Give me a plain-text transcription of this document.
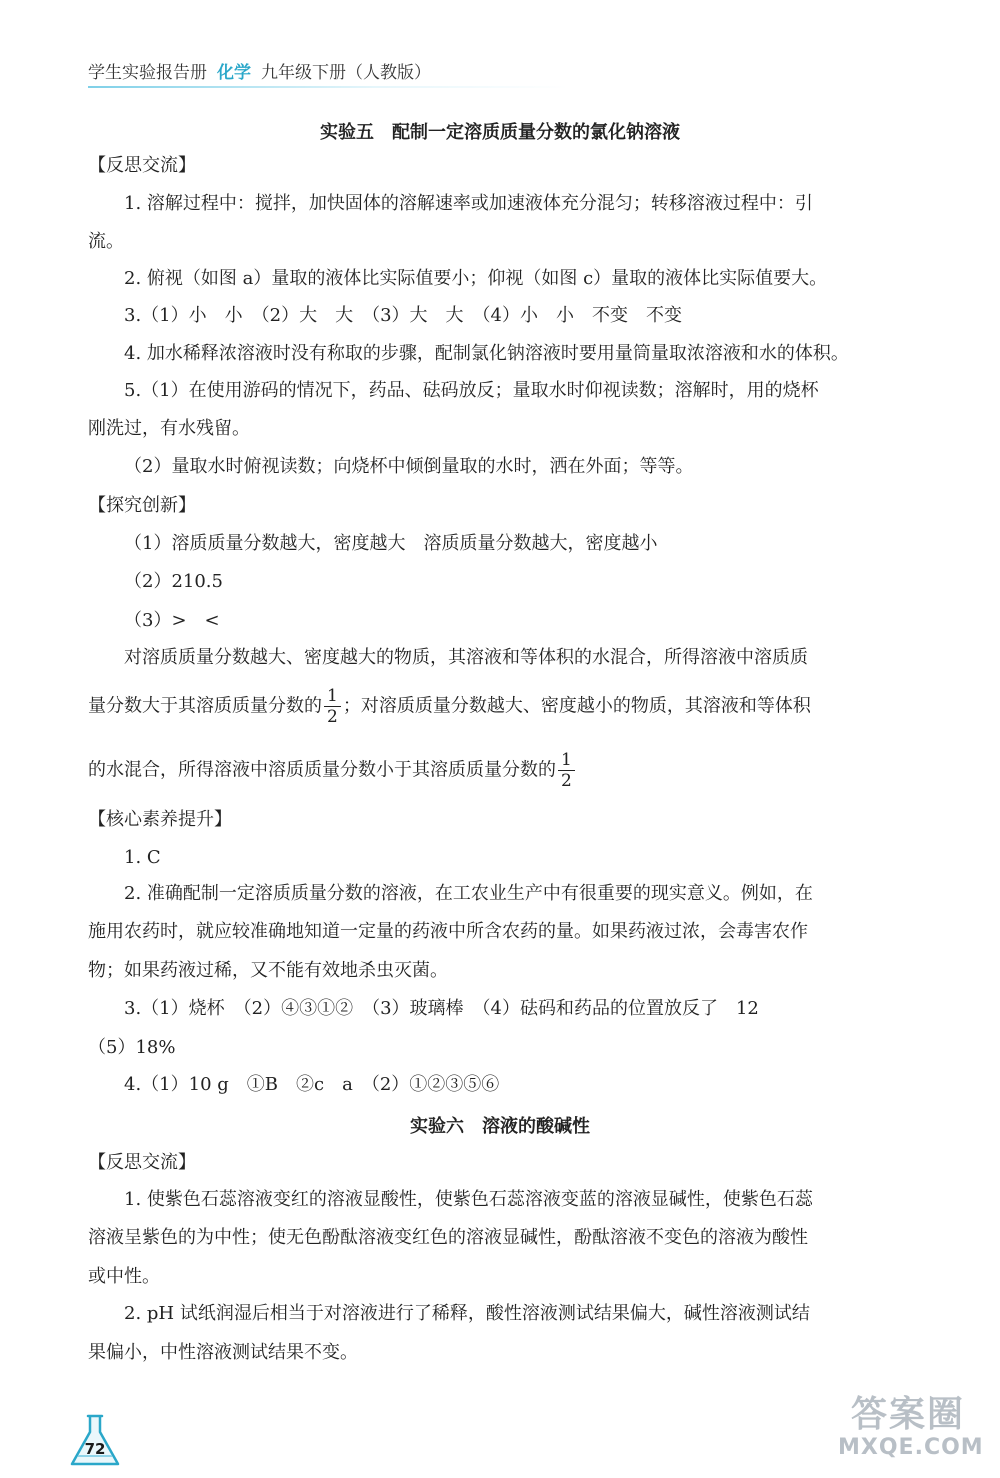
学生实验报告册 化学 九年级下册（人教版）
实验五　配制一定溶质质量分数的氯化钠溶液
【反思交流】
1. 溶解过程中：搅拌，加快固体的溶解速率或加速液体充分混匀；转移溶液过程中：引
流。
2. 俯视（如图 a）量取的液体比实际值要小；仰视（如图 c）量取的液体比实际值要大。
3.（1）小　小　（2）大　大　（3）大　大　（4）小　小　不变　不变
4. 加水稀释浓溶液时没有称取的步骤，配制氯化钠溶液时要用量筒量取浓溶液和水的体积。
5.（1）在使用游码的情况下，药品、砝码放反；量取水时仰视读数；溶解时，用的烧杯
刚洗过，有水残留。
（2）量取水时俯视读数；向烧杯中倾倒量取的水时，洒在外面；等等。
【探究创新】
（1）溶质质量分数越大，密度越大　溶质质量分数越大，密度越小
（2）210.5
（3）>　<
对溶质质量分数越大、密度越大的物质，其溶液和等体积的水混合，所得溶液中溶质质
量分数大于其溶质质量分数的 $\frac{1}{2}$ ；对溶质质量分数越大、密度越小的物质，其溶液和等体积
的水混合，所得溶液中溶质质量分数小于其溶质质量分数的 $\frac{1}{2}$
【核心素养提升】
1. C
2. 准确配制一定溶质质量分数的溶液，在工农业生产中有很重要的现实意义。例如，在
施用农药时，就应较准确地知道一定量的药液中所含农药的量。如果药液过浓，会毒害农作
物；如果药液过稀，又不能有效地杀虫灭菌。
3.（1）烧杯　（2）④③①②　（3）玻璃棒　（4）砝码和药品的位置放反了　12
（5）18%
4.（1）10 g　①B　②c　a　（2）①②③⑤⑥
实验六　溶液的酸碱性
【反思交流】
1. 使紫色石蕊溶液变红的溶液显酸性，使紫色石蕊溶液变蓝的溶液显碱性，使紫色石蕊
溶液呈紫色的为中性；使无色酚酞溶液变红色的溶液显碱性，酚酞溶液不变色的溶液为酸性
或中性。
2. pH 试纸润湿后相当于对溶液进行了稀释，酸性溶液测试结果偏大，碱性溶液测试结
果偏小，中性溶液测试结果不变。
72
答案圈
MXQE.COM
